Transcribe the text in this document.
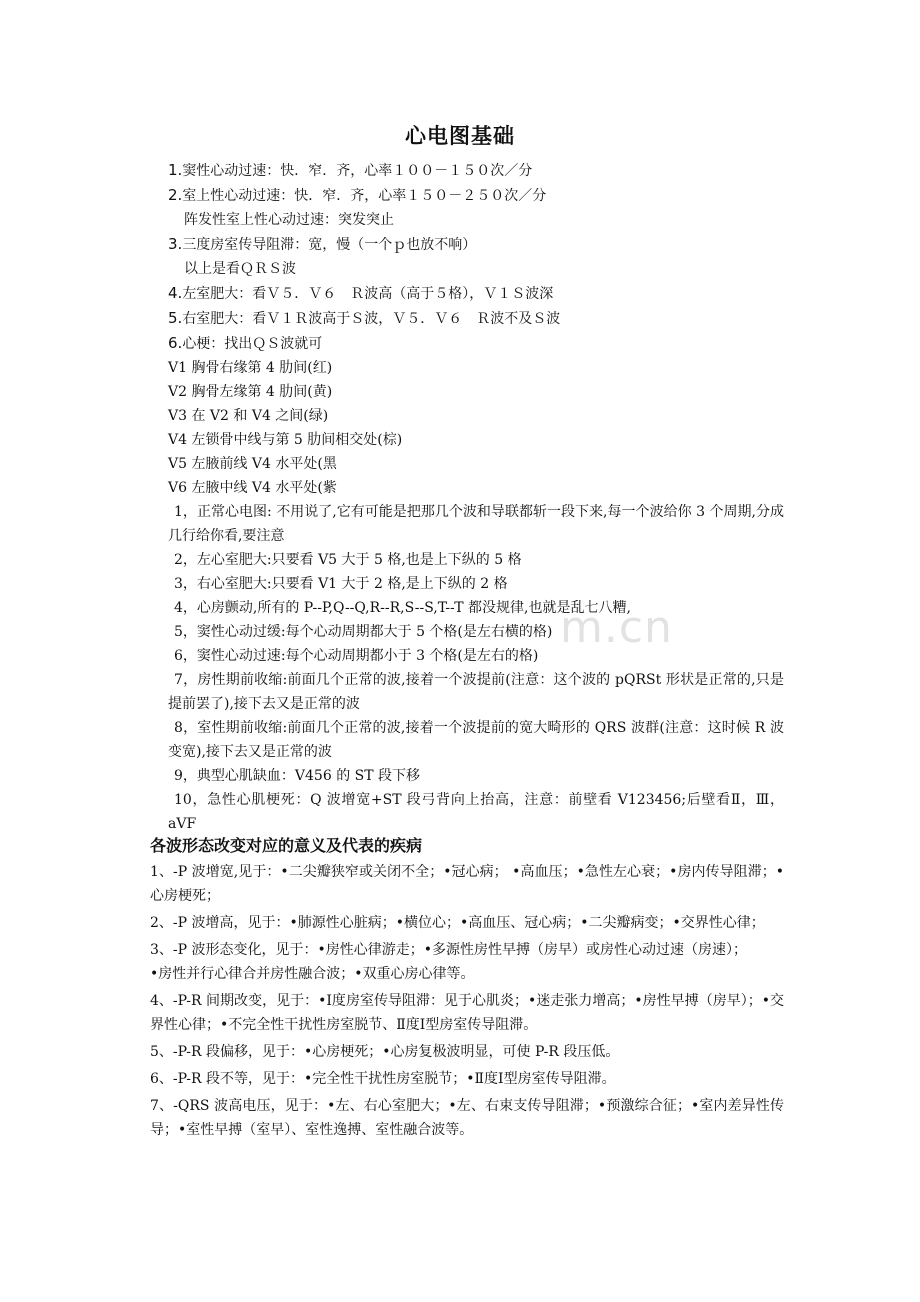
m.cn
心电图基础
1.窦性心动过速：快．窄．齐，心率１００－１５０次／分
2.室上性心动过速：快．窄．齐，心率１５０－２５０次／分
阵发性室上性心动过速：突发突止
3.三度房室传导阻滞：宽，慢（一个ｐ也放不响）
以上是看ＱＲＳ波
4.左室肥大：看Ｖ５．Ｖ６　Ｒ波高（高于５格），Ｖ１Ｓ波深
5.右室肥大：看Ｖ１Ｒ波高于Ｓ波，Ｖ５．Ｖ６　Ｒ波不及Ｓ波
6.心梗：找出ＱＳ波就可
V1 胸骨右缘第 4 肋间(红)
V2 胸骨左缘第 4 肋间(黄)
V3 在 V2 和 V4 之间(绿)
V4 左锁骨中线与第 5 肋间相交处(棕)
V5 左腋前线 V4 水平处(黑
V6 左腋中线 V4 水平处(紫
1，正常心电图: 不用说了,它有可能是把那几个波和导联都斩一段下来,每一个波给你 3 个周期,分成几行给你看,要注意
2，左心室肥大:只要看 V5 大于 5 格,也是上下纵的 5 格
3，右心室肥大:只要看 V1 大于 2 格,是上下纵的 2 格
4，心房颤动,所有的 P--P,Q--Q,R--R,S--S,T--T 都没规律,也就是乱七八糟,
5，窦性心动过缓:每个心动周期都大于 5 个格(是左右横的格)
6，窦性心动过速:每个心动周期都小于 3 个格(是左右的格)
7，房性期前收缩:前面几个正常的波,接着一个波提前(注意：这个波的 pQRSt 形状是正常的,只是提前罢了),接下去又是正常的波
8，室性期前收缩:前面几个正常的波,接着一个波提前的宽大畸形的 QRS 波群(注意：这时候 R 波变宽),接下去又是正常的波
9，典型心肌缺血：V456 的 ST 段下移
10，急性心肌梗死：Q 波增宽+ST 段弓背向上抬高，注意：前壁看 V123456;后壁看Ⅱ，Ⅲ，aVF
各波形态改变对应的意义及代表的疾病
1、-P 波增宽,见于：•二尖瓣狭窄或关闭不全；•冠心病； •高血压；•急性左心衰；•房内传导阻滞；•心房梗死；
2、-P 波增高，见于：•肺源性心脏病；•横位心；•高血压、冠心病；•二尖瓣病变；•交界性心律；
3、-P 波形态变化，见于：•房性心律游走；•多源性房性早搏（房早）或房性心动过速（房速）；
•房性并行心律合并房性融合波；•双重心房心律等。
4、-P-R 间期改变，见于：•Ⅰ度房室传导阻滞：见于心肌炎；•迷走张力增高；•房性早搏（房早）；•交界性心律；•不完全性干扰性房室脱节、Ⅱ度Ⅰ型房室传导阻滞。
5、-P-R 段偏移，见于：•心房梗死；•心房复极波明显，可使 P-R 段压低。
6、-P-R 段不等，见于：•完全性干扰性房室脱节；•Ⅱ度Ⅰ型房室传导阻滞。
7、-QRS 波高电压，见于：•左、右心室肥大；•左、右束支传导阻滞；•预激综合征；•室内差异性传导；•室性早搏（室早）、室性逸搏、室性融合波等。
